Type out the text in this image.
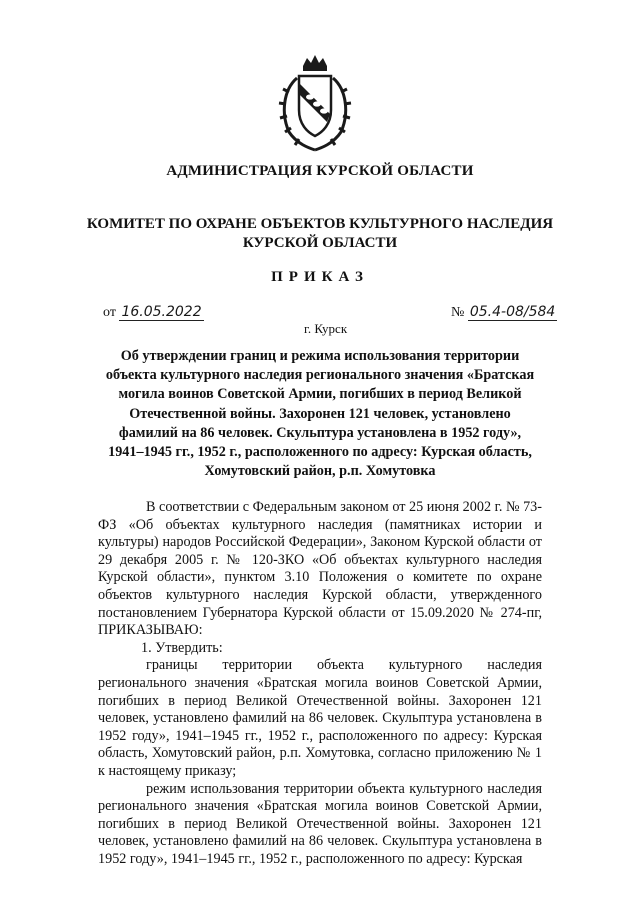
АДМИНИСТРАЦИЯ КУРСКОЙ ОБЛАСТИ
КОМИТЕТ ПО ОХРАНЕ ОБЪЕКТОВ КУЛЬТУРНОГО НАСЛЕДИЯ
КУРСКОЙ ОБЛАСТИ
ПРИКАЗ
от 16.05.2022	№ 05.4-08/584
г. Курск
Об утверждении границ и режима использования территории объекта культурного наследия регионального значения «Братская могила воинов Советской Армии, погибших в период Великой Отечественной войны. Захоронен 121 человек, установлено фамилий на 86 человек. Скульптура установлена в 1952 году», 1941–1945 гг., 1952 г., расположенного по адресу: Курская область, Хомутовский район, р.п. Хомутовка

В соответствии с Федеральным законом от 25 июня 2002 г. № 73-ФЗ «Об объектах культурного наследия (памятниках истории и культуры) народов Российской Федерации», Законом Курской области от 29 декабря 2005 г. № 120-ЗКО «Об объектах культурного наследия Курской области», пунктом 3.10 Положения о комитете по охране объектов культурного наследия Курской области, утвержденного постановлением Губернатора Курской области от 15.09.2020 № 274-пг, ПРИКАЗЫВАЮ:

1. Утвердить:

границы территории объекта культурного наследия регионального значения «Братская могила воинов Советской Армии, погибших в период Великой Отечественной войны. Захоронен 121 человек, установлено фамилий на 86 человек. Скульптура установлена в 1952 году», 1941–1945 гг., 1952 г., расположенного по адресу: Курская область, Хомутовский район, р.п. Хомутовка, согласно приложению № 1 к настоящему приказу;

режим использования территории объекта культурного наследия регионального значения «Братская могила воинов Советской Армии, погибших в период Великой Отечественной войны. Захоронен 121 человек, установлено фамилий на 86 человек. Скульптура установлена в 1952 году», 1941–1945 гг., 1952 г., расположенного по адресу: Курская
